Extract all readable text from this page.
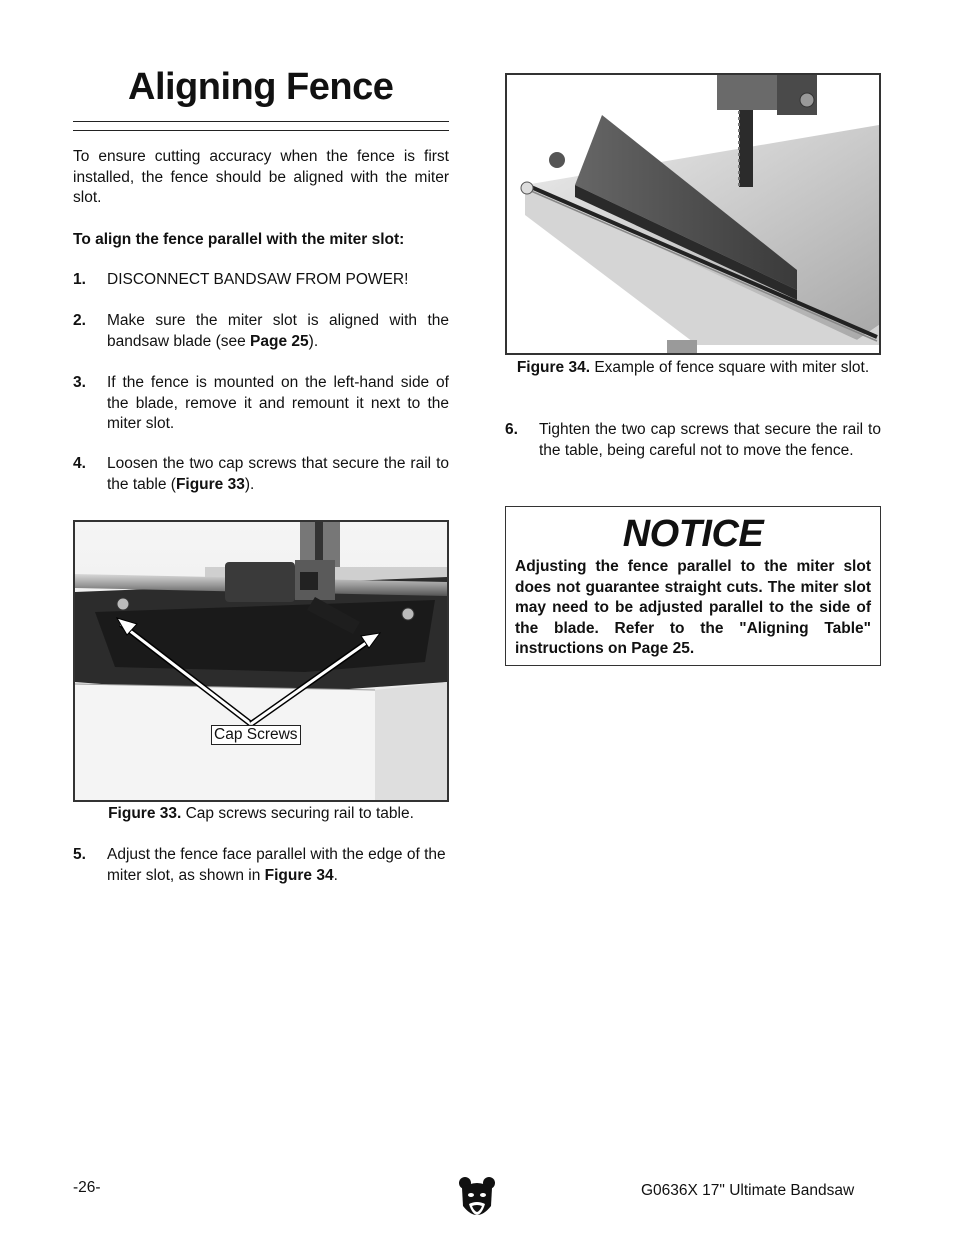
Aligning Fence
To ensure cutting accuracy when the fence is first installed, the fence should be aligned with the miter slot.
To align the fence parallel with the miter slot:
1. DISCONNECT BANDSAW FROM POWER!
2. Make sure the miter slot is aligned with the bandsaw blade (see Page 25).
3. If the fence is mounted on the left-hand side of the blade, remove it and remount it next to the miter slot.
4. Loosen the two cap screws that secure the rail to the table (Figure 33).
Cap Screws
Figure 33. Cap screws securing rail to table.
5. Adjust the fence face parallel with the edge of the miter slot, as shown in Figure 34.
Figure 34. Example of fence square with miter slot.
6. Tighten the two cap screws that secure the rail to the table, being careful not to move the fence.
NOTICE
Adjusting the fence parallel to the miter slot does not guarantee straight cuts. The miter slot may need to be adjusted parallel to the side of the blade. Refer to the "Aligning Table" instructions on Page 25.
-26-	G0636X 17" Ultimate Bandsaw
